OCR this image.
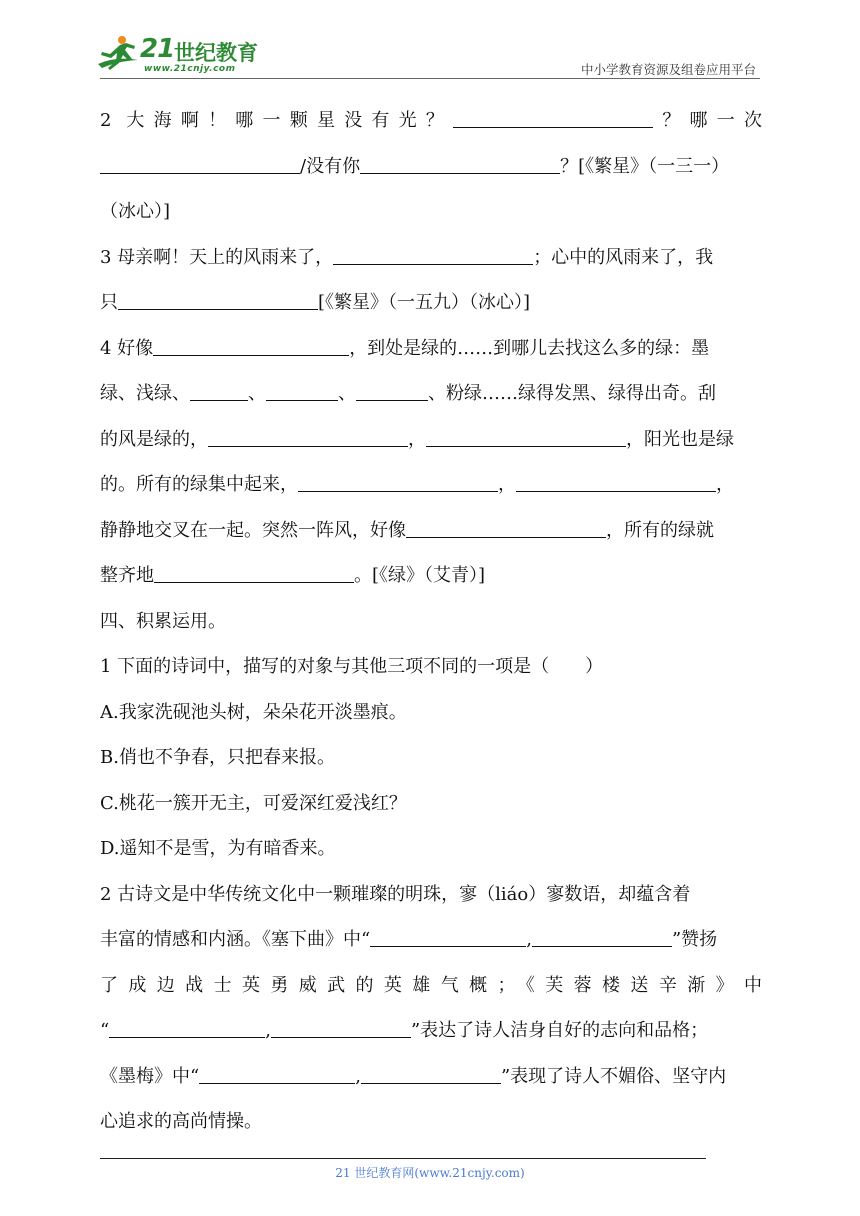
21 世纪教育
www.21cnjy.com	中小学教育资源及组卷应用平台
2 大海啊！哪一颗星没有光？	？哪一次
/没有你	？[《繁星》（一三一）
（冰心）]
3 母亲啊！天上的风雨来了，	；心中的风雨来了，我
只	[《繁星》（一五九）（冰心）]
4 好像	，到处是绿的……到哪儿去找这么多的绿：墨
绿、浅绿、	、	、	、粉绿……绿得发黑、绿得出奇。刮
的风是绿的，	，	，阳光也是绿
的。所有的绿集中起来，	，	，
静静地交叉在一起。突然一阵风，好像	，所有的绿就
整齐地	。[《绿》（艾青）]
四、积累运用。
1 下面的诗词中，描写的对象与其他三项不同的一项是（　　）
A.我家洗砚池头树，朵朵花开淡墨痕。
B.俏也不争春，只把春来报。
C.桃花一簇开无主，可爱深红爱浅红？
D.遥知不是雪，为有暗香来。
2 古诗文是中华传统文化中一颗璀璨的明珠，寥（liáo）寥数语，却蕴含着
丰富的情感和内涵。《塞下曲》中“	,	”赞扬
了成边战士英勇威武的英雄气概；《芙蓉楼送辛渐》中
“	,	”表达了诗人洁身自好的志向和品格；
《墨梅》中“	,	”表现了诗人不媚俗、坚守内
心追求的高尚情操。
21 世纪教育网(www.21cnjy.com)
